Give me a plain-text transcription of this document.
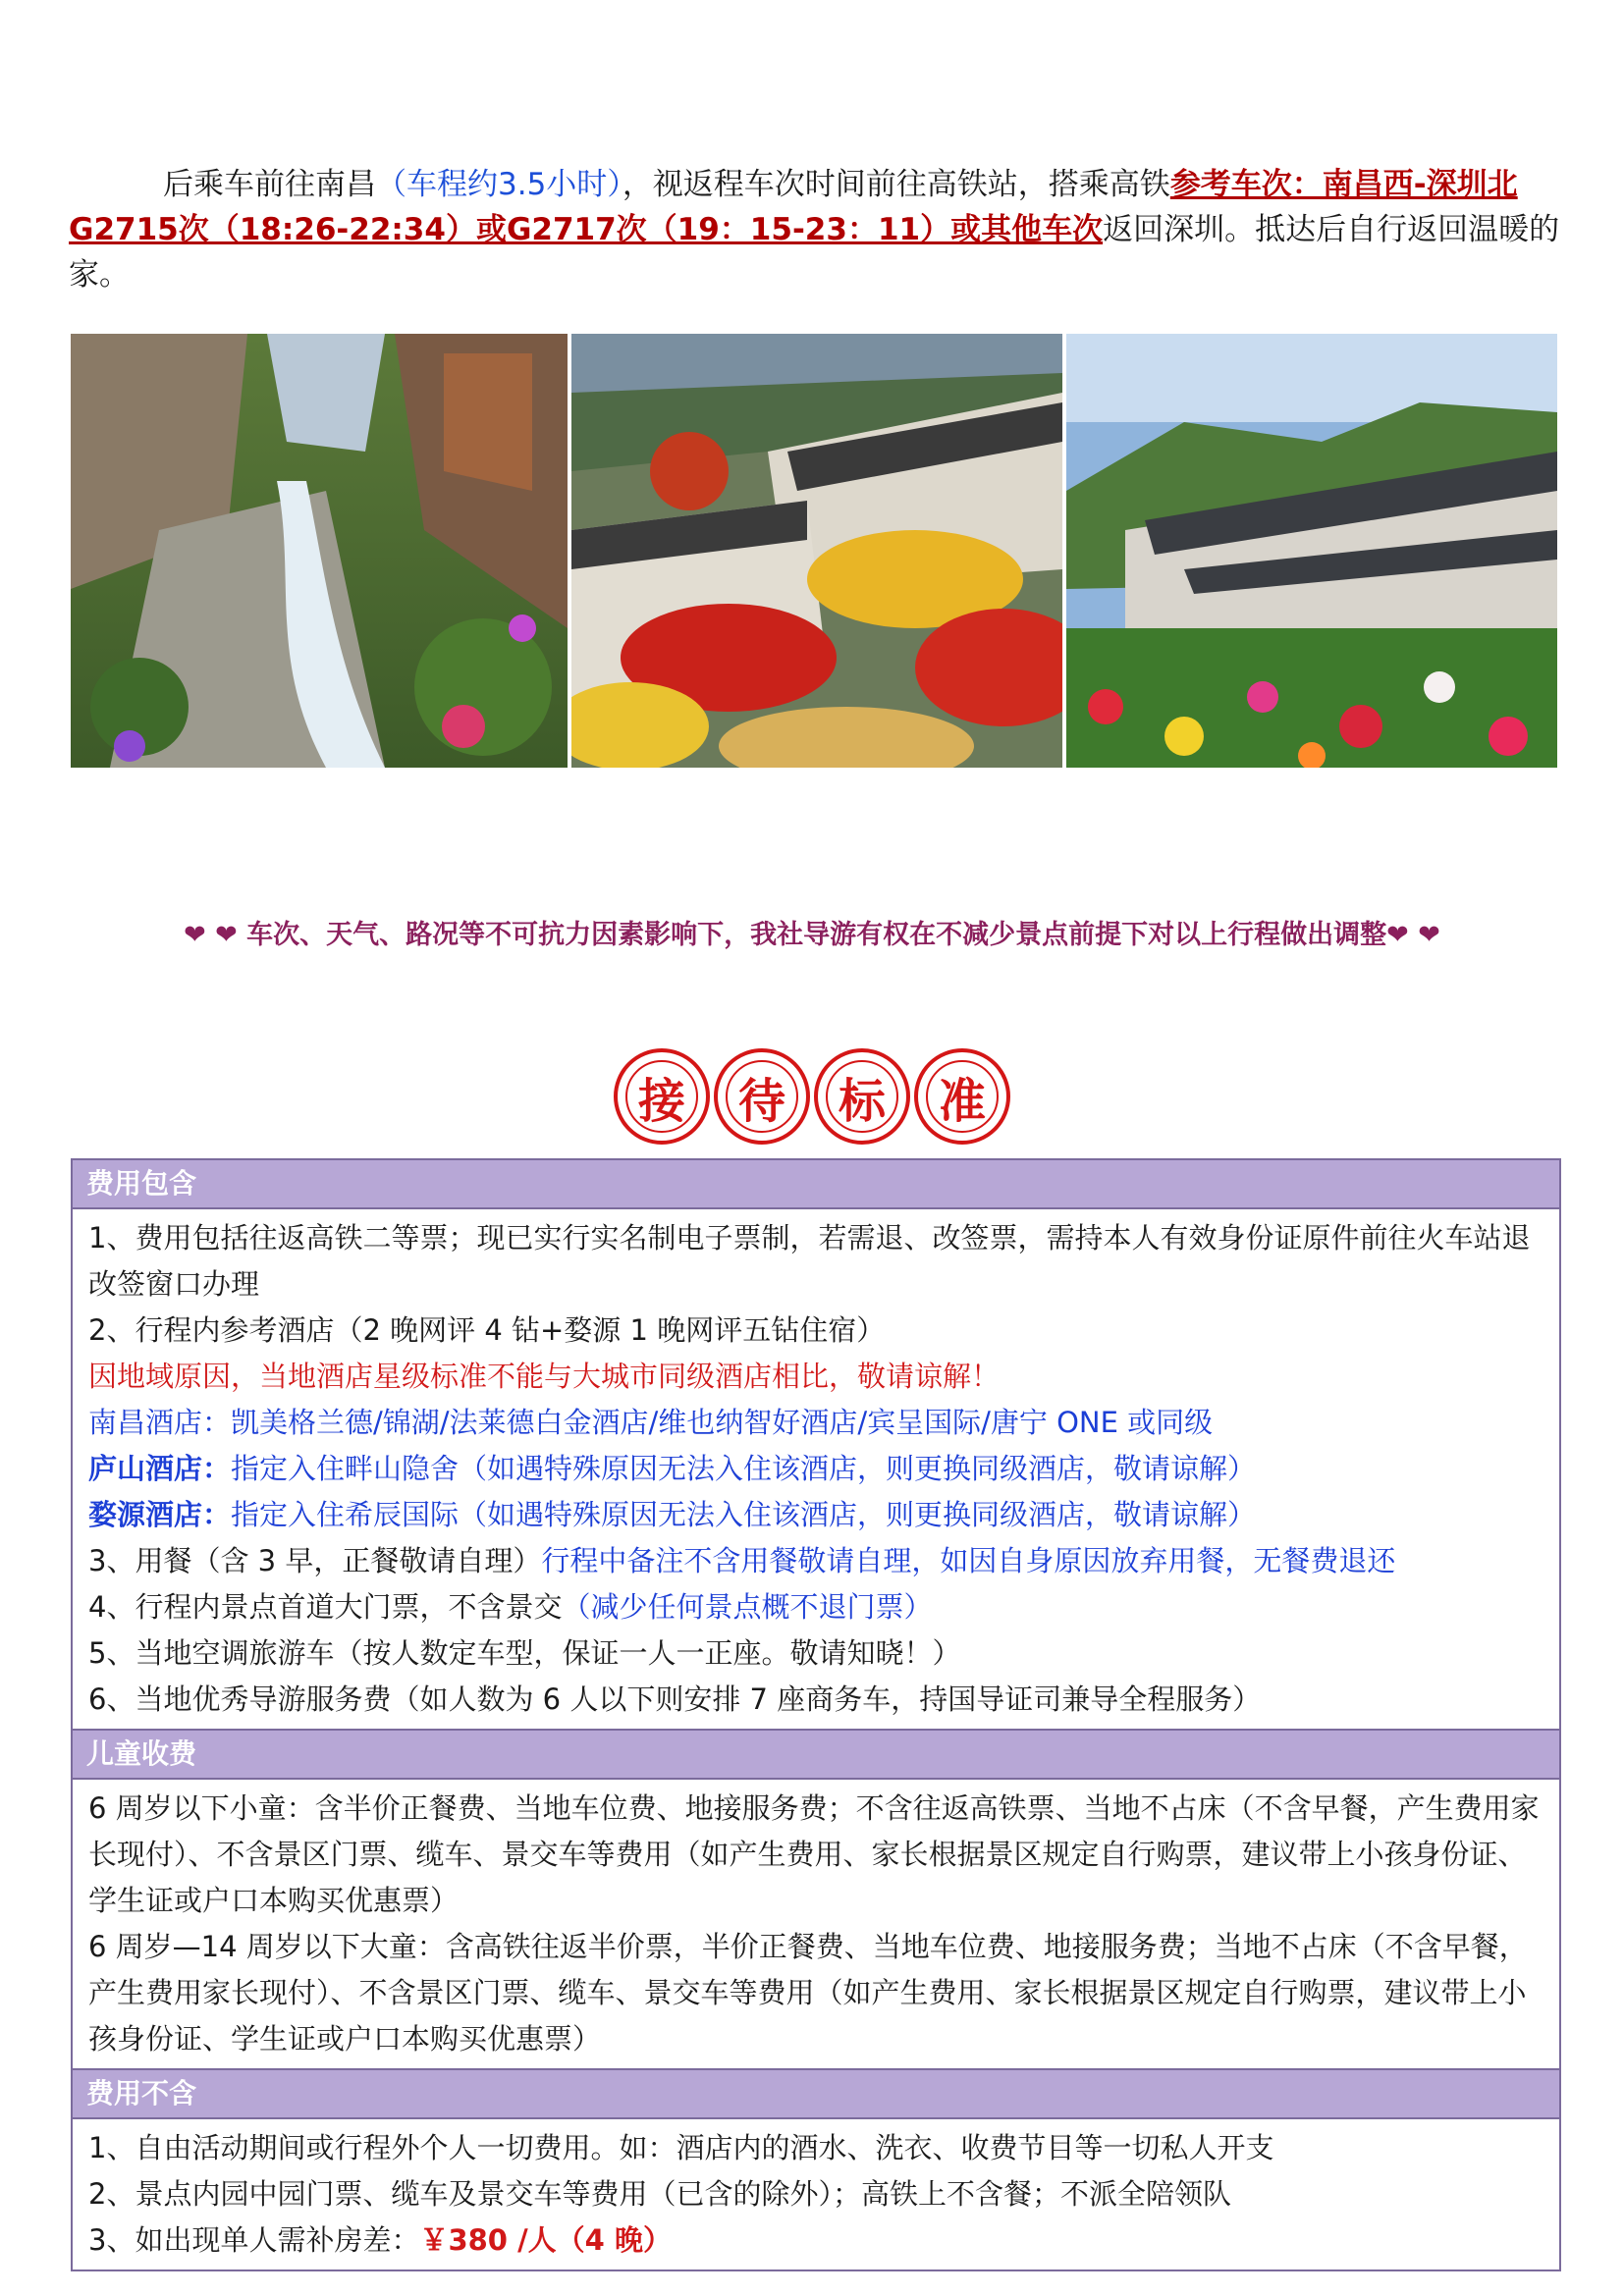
后乘车前往南昌（车程约3.5小时），视返程车次时间前往高铁站，搭乘高铁参考车次：南昌西-深圳北G2715次（18:26-22:34）或G2717次（19：15-23：11）或其他车次返回深圳。抵达后自行返回温暖的家。
❤ ❤ 车次、天气、路况等不可抗力因素影响下，我社导游有权在不减少景点前提下对以上行程做出调整❤ ❤
接 待 标 准
费用包含
1、费用包括往返高铁二等票；现已实行实名制电子票制，若需退、改签票，需持本人有效身份证原件前往火车站退改签窗口办理
2、行程内参考酒店（2 晚网评 4 钻+婺源 1 晚网评五钻住宿）
因地域原因，当地酒店星级标准不能与大城市同级酒店相比，敬请谅解！
南昌酒店：凯美格兰德/锦湖/法莱德白金酒店/维也纳智好酒店/宾呈国际/唐宁 ONE 或同级
庐山酒店：指定入住畔山隐舍（如遇特殊原因无法入住该酒店，则更换同级酒店，敬请谅解）
婺源酒店：指定入住希辰国际（如遇特殊原因无法入住该酒店，则更换同级酒店，敬请谅解）
3、用餐（含 3 早，正餐敬请自理）行程中备注不含用餐敬请自理，如因自身原因放弃用餐，无餐费退还
4、行程内景点首道大门票，不含景交（减少任何景点概不退门票）
5、当地空调旅游车（按人数定车型，保证一人一正座。敬请知晓！）
6、当地优秀导游服务费（如人数为 6 人以下则安排 7 座商务车，持国导证司兼导全程服务）
儿童收费
6 周岁以下小童：含半价正餐费、当地车位费、地接服务费；不含往返高铁票、当地不占床（不含早餐，产生费用家长现付）、不含景区门票、缆车、景交车等费用（如产生费用、家长根据景区规定自行购票，建议带上小孩身份证、学生证或户口本购买优惠票）
6 周岁—14 周岁以下大童：含高铁往返半价票，半价正餐费、当地车位费、地接服务费；当地不占床（不含早餐，产生费用家长现付）、不含景区门票、缆车、景交车等费用（如产生费用、家长根据景区规定自行购票，建议带上小孩身份证、学生证或户口本购买优惠票）
费用不含
1、自由活动期间或行程外个人一切费用。如：酒店内的酒水、洗衣、收费节目等一切私人开支
2、景点内园中园门票、缆车及景交车等费用（已含的除外）；高铁上不含餐；不派全陪领队
3、如出现单人需补房差：￥380 /人（4 晚）
